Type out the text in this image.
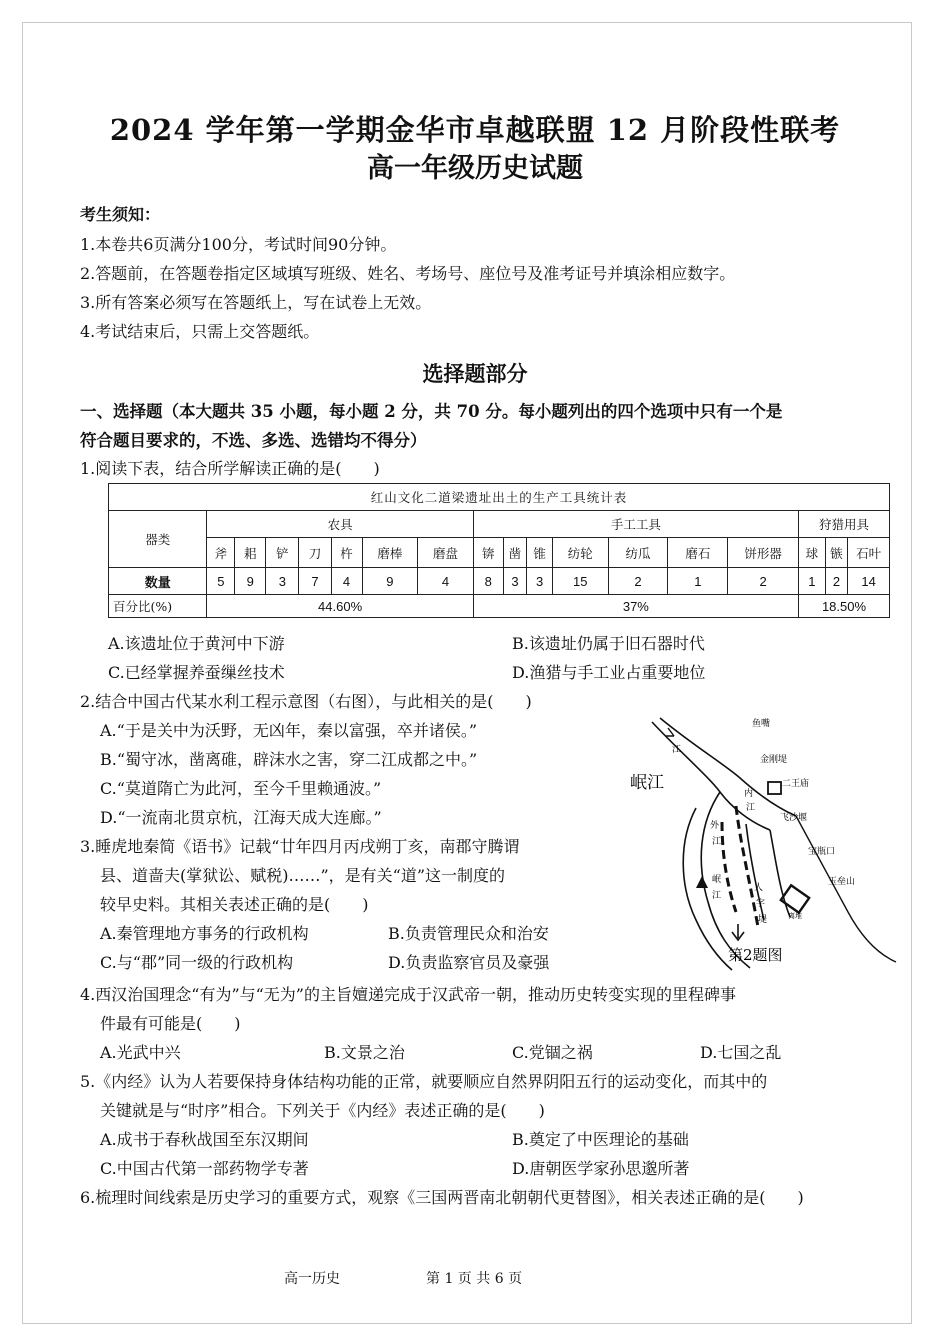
2024 学年第一学期金华市卓越联盟 12 月阶段性联考
高一年级历史试题
考生须知：
1.本卷共6页满分100分，考试时间90分钟。
2.答题前，在答题卷指定区域填写班级、姓名、考场号、座位号及准考证号并填涂相应数字。
3.所有答案必须写在答题纸上，写在试卷上无效。
4.考试结束后，只需上交答题纸。
选择题部分
一、选择题（本大题共 35 小题，每小题 2 分，共 70 分。每小题列出的四个选项中只有一个是
符合题目要求的，不选、多选、选错均不得分）
1.阅读下表，结合所学解读正确的是(　　)
红山文化二道梁遗址出土的生产工具统计表																	
器类	农具							手工工具							狩猎用具		
	斧	耜	铲	刀	杵	磨棒	磨盘	锛	凿	锥	纺轮	纺瓜	磨石	饼形器	球	镞	石叶
数量	5	9	3	7	4	9	4	8	3	3	15	2	1	2	1	2	14
百分比(%)	44.60%							37%							18.50%		
A.该遗址位于黄河中下游	B.该遗址仍属于旧石器时代
C.已经掌握养蚕缫丝技术	D.渔猎与手工业占重要地位
2.结合中国古代某水利工程示意图（右图），与此相关的是(　　)
A.“于是关中为沃野，无凶年，秦以富强，卒并诸侯。”
B.“蜀守冰，凿离碓，辟沫水之害，穿二江成都之中。”
C.“莫道隋亡为此河，至今千里赖通波。”
D.“一流南北贯京杭，江海天成大连廊。”
岷江
鱼嘴
金刚堤
二王庙
飞沙堰
宝瓶口
玉垒山
离堆
内
江
外
江
岷
江
人
字
堤
江
第2题图
3.睡虎地秦简《语书》记载“廿年四月丙戌朔丁亥，南郡守腾谓
县、道啬夫(掌狱讼、赋税)……”，是有关“道”这一制度的
较早史料。其相关表述正确的是(　　)
A.秦管理地方事务的行政机构	B.负责管理民众和治安
C.与“郡”同一级的行政机构	D.负责监察官员及豪强
4.西汉治国理念“有为”与“无为”的主旨嬗递完成于汉武帝一朝，推动历史转变实现的里程碑事
件最有可能是(　　)
A.光武中兴	B.文景之治	C.党锢之祸	D.七国之乱
5.《内经》认为人若要保持身体结构功能的正常，就要顺应自然界阴阳五行的运动变化，而其中的
关键就是与“时序”相合。下列关于《内经》表述正确的是(　　)
A.成书于春秋战国至东汉期间	B.奠定了中医理论的基础
C.中国古代第一部药物学专著	D.唐朝医学家孙思邈所著
6.梳理时间线索是历史学习的重要方式，观察《三国两晋南北朝朝代更替图》，相关表述正确的是(　　)
高一历史	第 1 页 共 6 页
